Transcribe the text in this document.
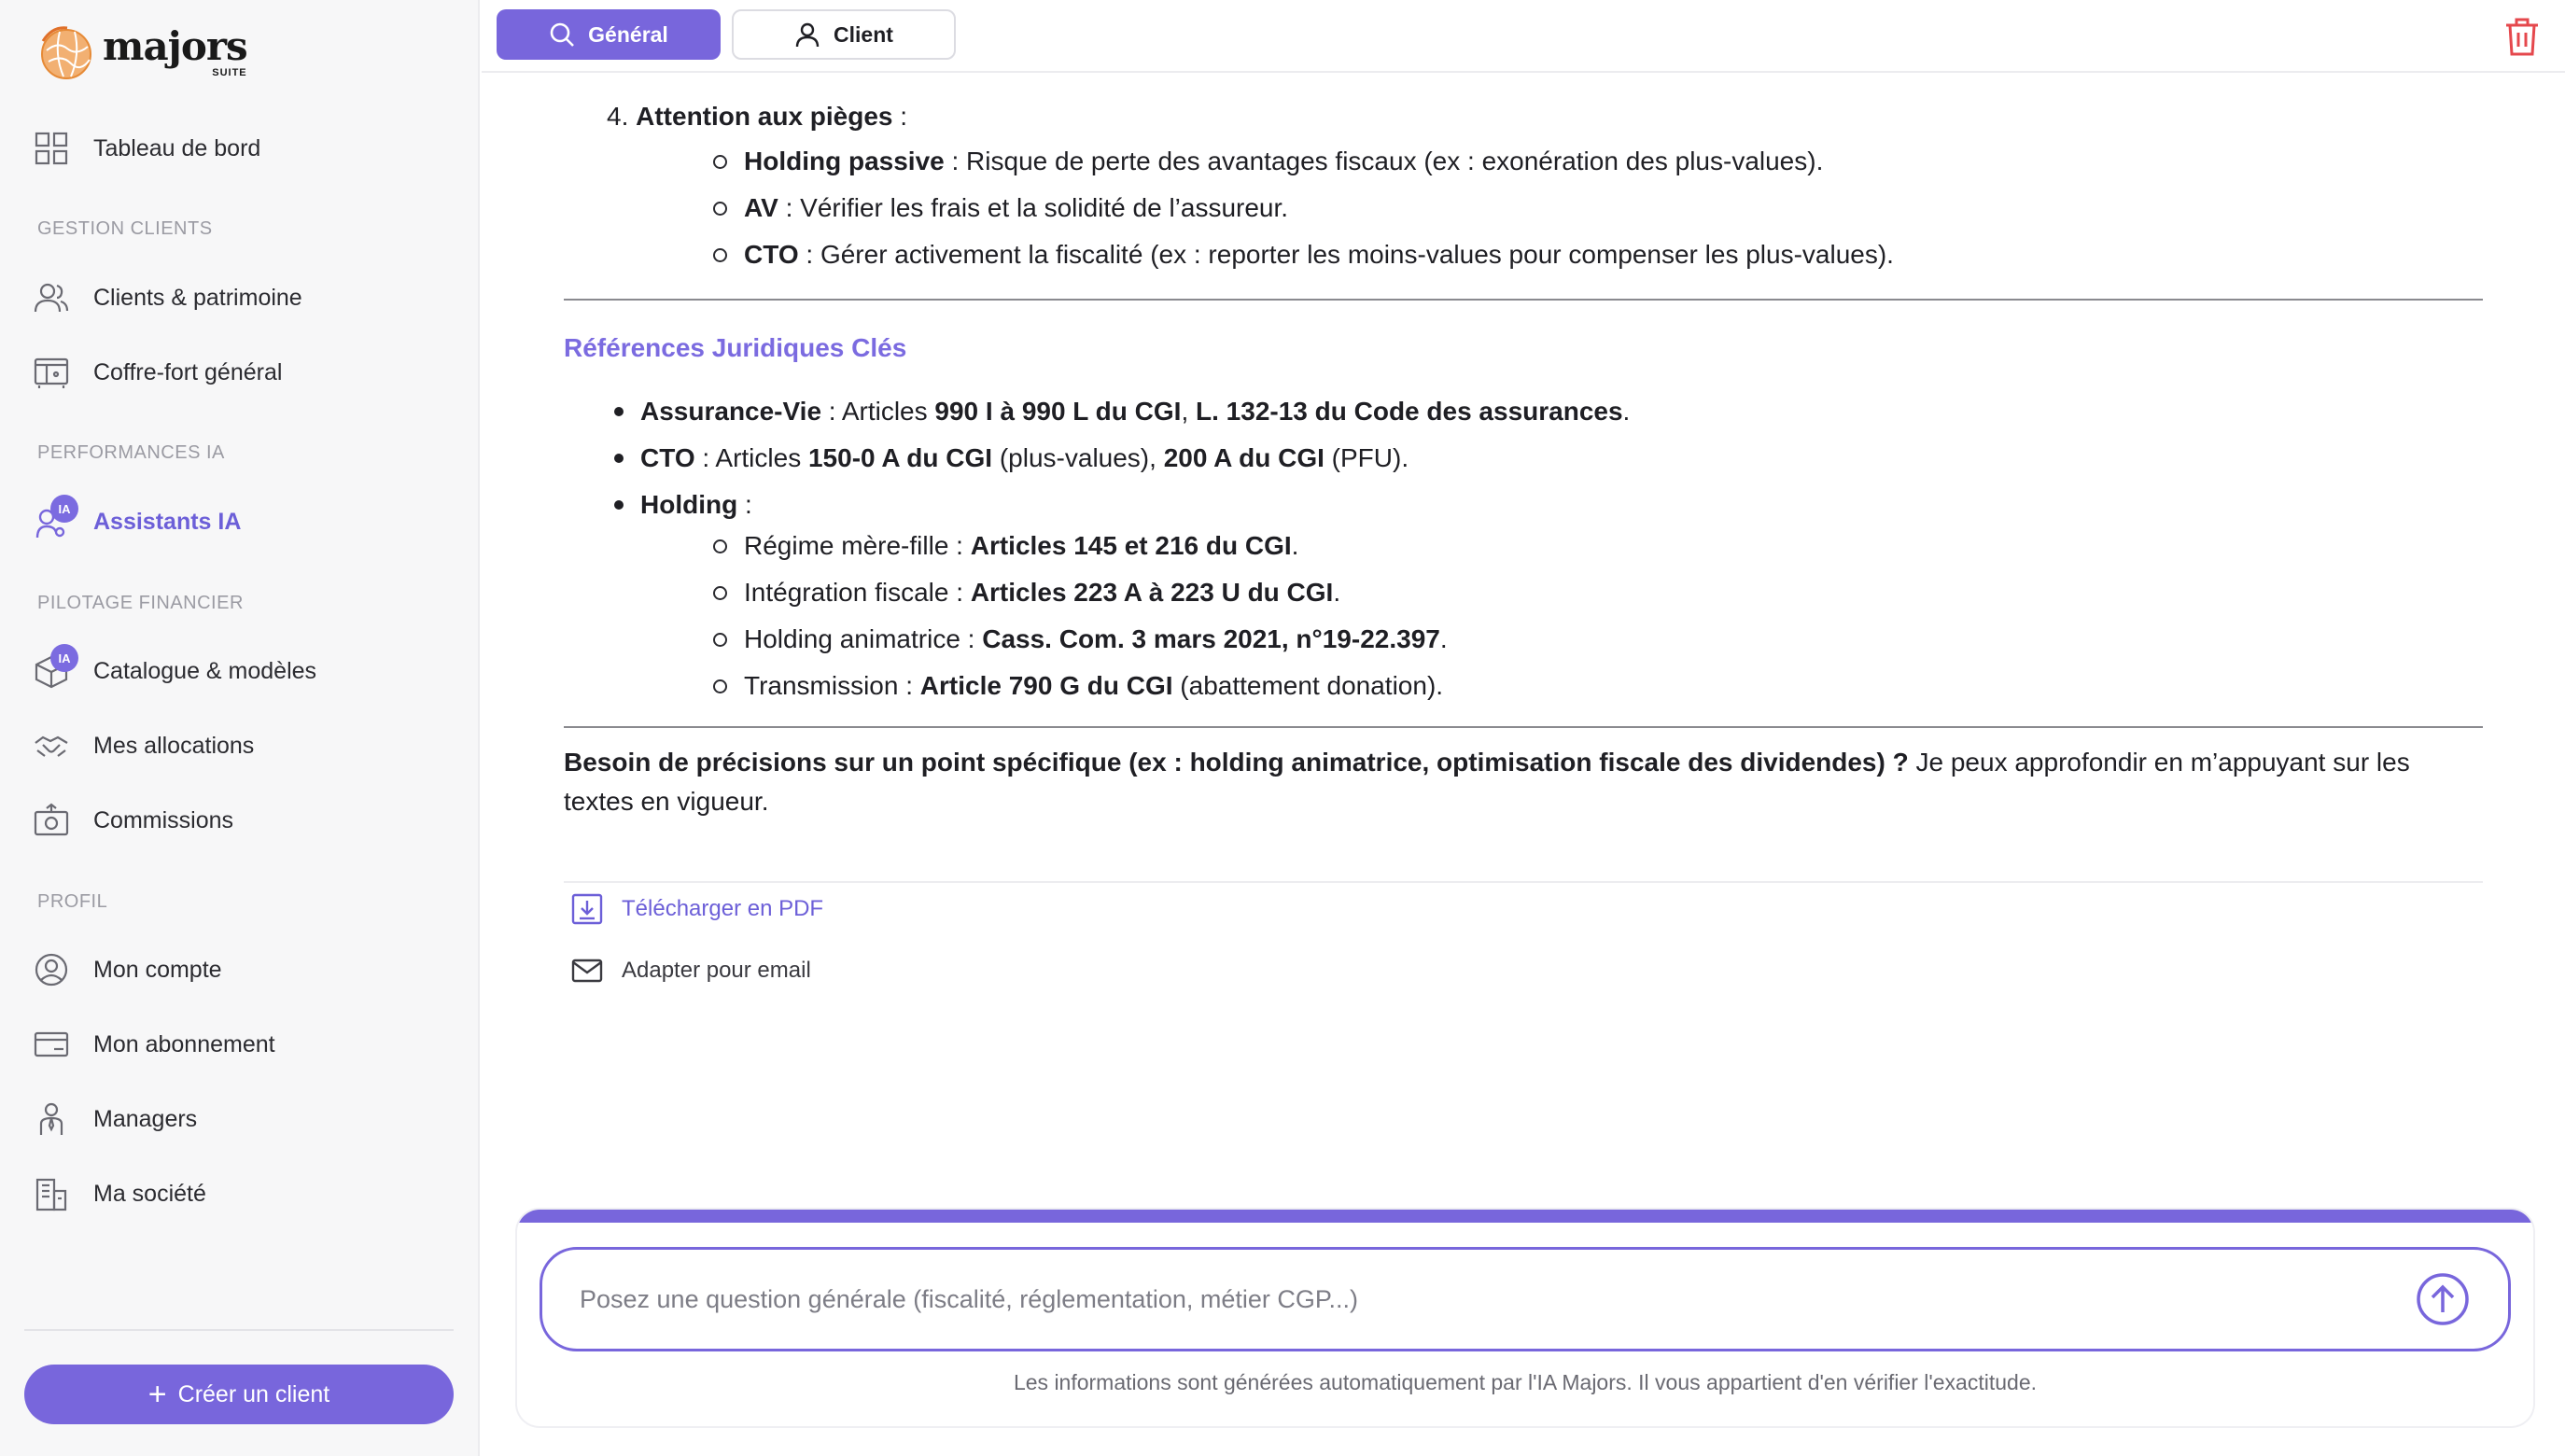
majors
SUITE
Tableau de bord
GESTION CLIENTS
Clients & patrimoine
Coffre-fort général
PERFORMANCES IA
IA Assistants IA
PILOTAGE FINANCIER
IA Catalogue & modèles
Mes allocations
Commissions
PROFIL
Mon compte
Mon abonnement
Managers
Ma société
+ Créer un client
Général	Client
4. Attention aux pièges :
Holding passive : Risque de perte des avantages fiscaux (ex : exonération des plus-values).
AV : Vérifier les frais et la solidité de l’assureur.
CTO : Gérer activement la fiscalité (ex : reporter les moins-values pour compenser les plus-values).
Références Juridiques Clés
Assurance-Vie : Articles 990 I à 990 L du CGI, L. 132-13 du Code des assurances.
CTO : Articles 150-0 A du CGI (plus-values), 200 A du CGI (PFU).
Holding :
Régime mère-fille : Articles 145 et 216 du CGI.
Intégration fiscale : Articles 223 A à 223 U du CGI.
Holding animatrice : Cass. Com. 3 mars 2021, n°19-22.397.
Transmission : Article 790 G du CGI (abattement donation).

Besoin de précisions sur un point spécifique (ex : holding animatrice, optimisation fiscale des dividendes) ? Je peux approfondir en m’appuyant sur les textes en vigueur.

Télécharger en PDF
Adapter pour email
Posez une question générale (fiscalité, réglementation, métier CGP...)
Les informations sont générées automatiquement par l'IA Majors. Il vous appartient d'en vérifier l'exactitude.
